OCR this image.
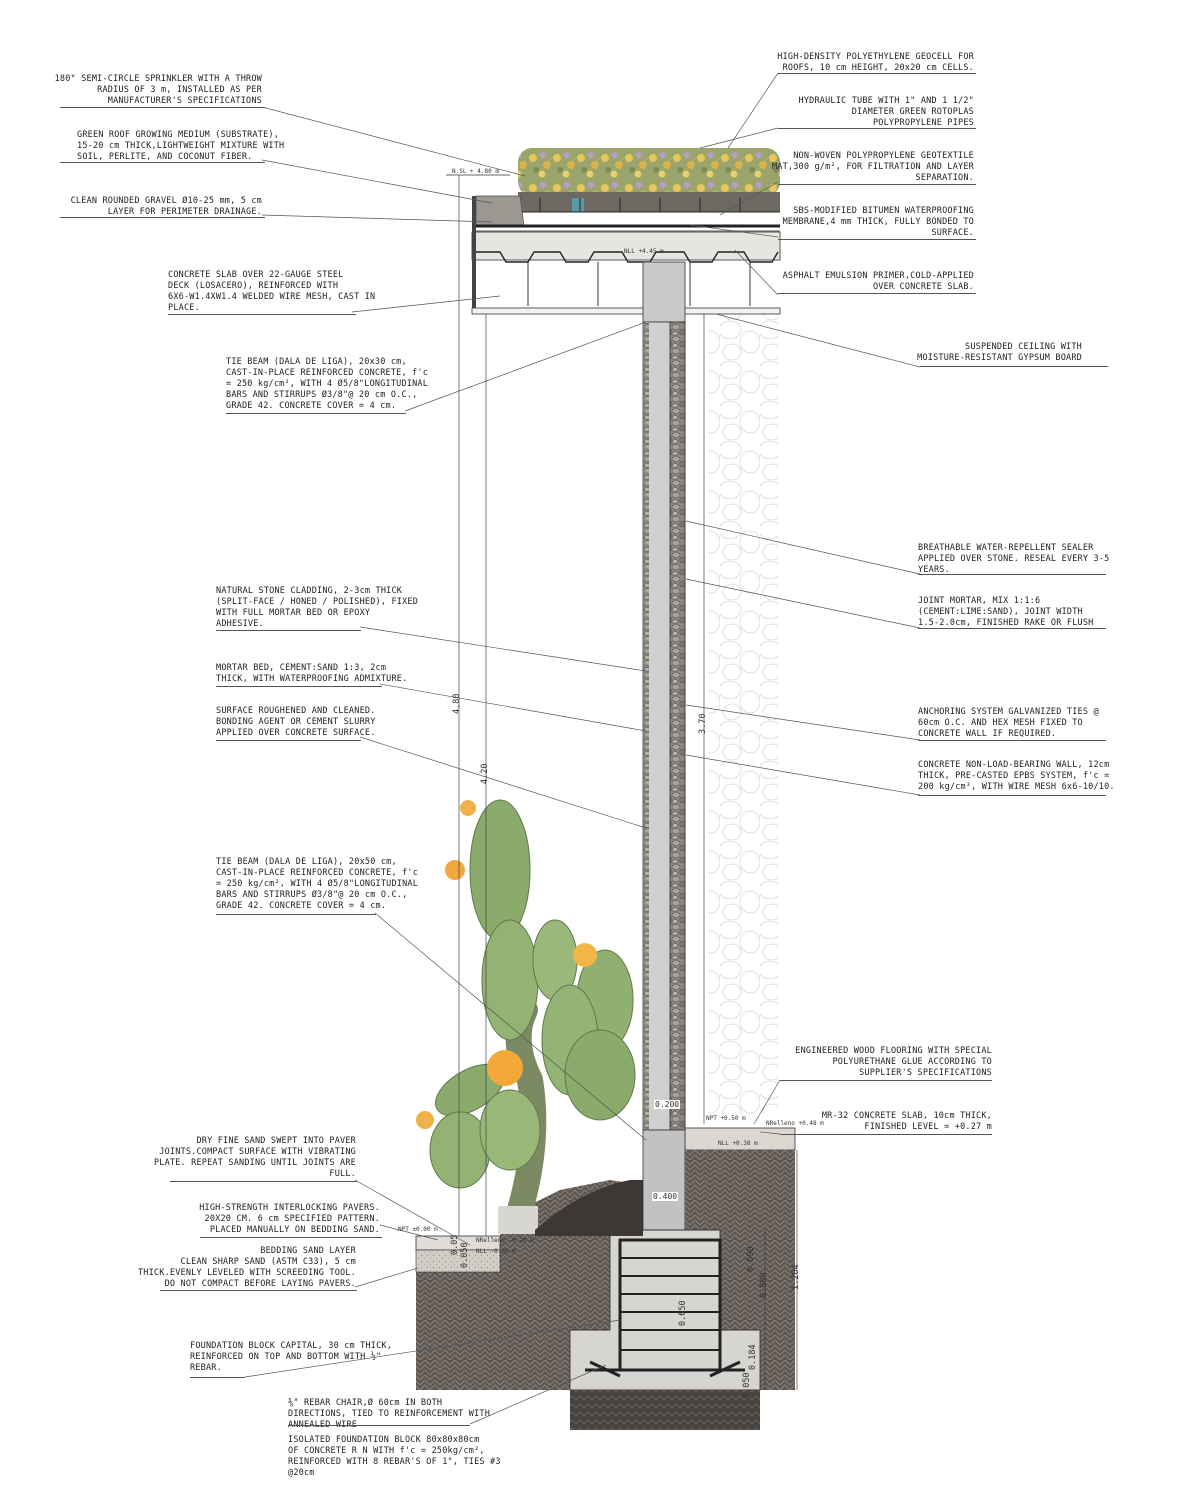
180° SEMI-CIRCLE SPRINKLER WITH A THROW
RADIUS OF 3 m, INSTALLED AS PER
MANUFACTURER'S SPECIFICATIONS
GREEN ROOF GROWING MEDIUM (SUBSTRATE),
15-20 cm THICK,LIGHTWEIGHT MIXTURE WITH
SOIL, PERLITE, AND COCONUT FIBER.
CLEAN ROUNDED GRAVEL Ø10-25 mm, 5 cm
LAYER FOR PERIMETER DRAINAGE.
CONCRETE SLAB OVER 22-GAUGE STEEL
DECK (LOSACERO), REINFORCED WITH
6X6-W1.4XW1.4 WELDED WIRE MESH, CAST IN
PLACE.
TIE BEAM (DALA DE LIGA), 20x30 cm,
CAST-IN-PLACE REINFORCED CONCRETE, f'c
= 250 kg/cm², WITH 4 Ø5/8"LONGITUDINAL
BARS AND STIRRUPS Ø3/8"@ 20 cm O.C.,
GRADE 42. CONCRETE COVER = 4 cm.
NATURAL STONE CLADDING, 2-3cm THICK
(SPLIT-FACE / HONED / POLISHED), FIXED
WITH FULL MORTAR BED OR EPOXY
ADHESIVE.
MORTAR BED, CEMENT:SAND 1:3, 2cm
THICK, WITH WATERPROOFING ADMIXTURE.
SURFACE ROUGHENED AND CLEANED.
BONDING AGENT OR CEMENT SLURRY
APPLIED OVER CONCRETE SURFACE.
TIE BEAM (DALA DE LIGA), 20x50 cm,
CAST-IN-PLACE REINFORCED CONCRETE, f'c
= 250 kg/cm², WITH 4 Ø5/8"LONGITUDINAL
BARS AND STIRRUPS Ø3/8"@ 20 cm O.C.,
GRADE 42. CONCRETE COVER = 4 cm.
DRY FINE SAND SWEPT INTO PAVER
JOINTS.COMPACT SURFACE WITH VIBRATING
PLATE. REPEAT SANDING UNTIL JOINTS ARE
FULL.
HIGH-STRENGTH INTERLOCKING PAVERS.
20X20 CM. 6 cm SPECIFIED PATTERN.
PLACED MANUALLY ON BEDDING SAND.
BEDDING SAND LAYER
CLEAN SHARP SAND (ASTM C33), 5 cm
THICK.EVENLY LEVELED WITH SCREEDING TOOL.
DO NOT COMPACT BEFORE LAYING PAVERS.
FOUNDATION BLOCK CAPITAL, 30 cm THICK,
REINFORCED ON TOP AND BOTTOM WITH ½"
REBAR.
⅜" REBAR CHAIR,Ø 60cm IN BOTH
DIRECTIONS, TIED TO REINFORCEMENT WITH
ANNEALED WIRE
ISOLATED FOUNDATION BLOCK 80x80x80cm
OF CONCRETE R N WITH f'c = 250kg/cm²,
REINFORCED WITH 8 REBAR'S OF 1", TIES #3
@20cm
HIGH-DENSITY POLYETHYLENE GEOCELL FOR
ROOFS, 10 cm HEIGHT, 20x20 cm CELLS.
HYDRAULIC TUBE WITH 1" AND 1 1/2"
DIAMETER GREEN ROTOPLAS
POLYPROPYLENE PIPES
NON-WOVEN POLYPROPYLENE GEOTEXTILE
MAT,300 g/m², FOR FILTRATION AND LAYER
SEPARATION.
SBS-MODIFIED BITUMEN WATERPROOFING
MEMBRANE,4 mm THICK, FULLY BONDED TO
SURFACE.
ASPHALT EMULSION PRIMER,COLD-APPLIED
OVER CONCRETE SLAB.
SUSPENDED CEILING WITH
MOISTURE-RESISTANT GYPSUM BOARD
BREATHABLE WATER-REPELLENT SEALER
APPLIED OVER STONE. RESEAL EVERY 3-5
YEARS.
JOINT MORTAR, MIX 1:1:6
(CEMENT:LIME:SAND), JOINT WIDTH
1.5-2.0cm, FINISHED RAKE OR FLUSH
ANCHORING SYSTEM GALVANIZED TIES @
60cm O.C. AND HEX MESH FIXED TO
CONCRETE WALL IF REQUIRED.
CONCRETE NON-LOAD-BEARING WALL, 12cm
THICK, PRE-CASTED EPBS SYSTEM, f'c =
200 kg/cm², WITH WIRE MESH 6x6-10/10.
ENGINEERED WOOD FLOORING WITH SPECIAL
POLYURETHANE GLUE ACCORDING TO
SUPPLIER'S SPECIFICATIONS
MR-32 CONCRETE SLAB, 10cm THICK,
FINISHED LEVEL = +0.27 m
N.SL + 4.80 m
NLL +4.45 m
NPT +0.50 m
NRelleno +0.48 m
NLL +0.38 m
NPT ±0.00 m
NRelleno -0.20 m
NLL -0.30 m
4.80
4.20
3.70
0.200
0.400
1.204
0.800
0.690
0.650
0.184
0.050
0.050
0.05
